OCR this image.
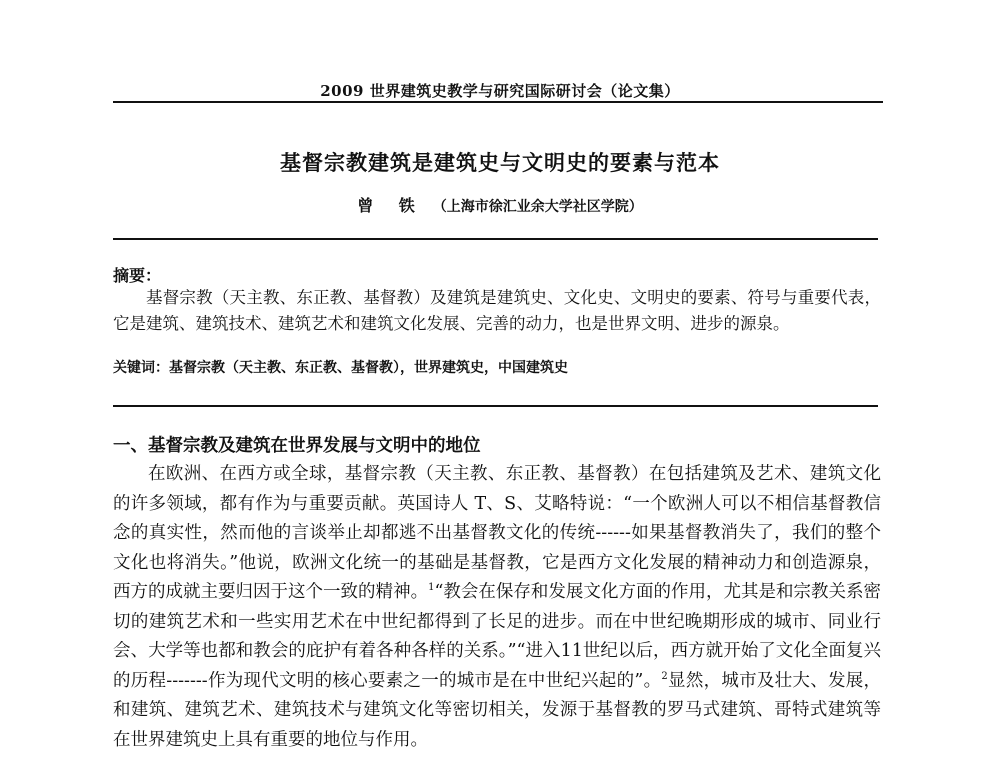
2009 世界建筑史教学与研究国际研讨会（论文集）
基督宗教建筑是建筑史与文明史的要素与范本
曾 铁 （上海市徐汇业余大学社区学院）
摘要：

基督宗教（天主教、东正教、基督教）及建筑是建筑史、文化史、文明史的要素、符号与重要代表，它是建筑、建筑技术、建筑艺术和建筑文化发展、完善的动力，也是世界文明、进步的源泉。

关键词：基督宗教（天主教、东正教、基督教），世界建筑史，中国建筑史

一、基督宗教及建筑在世界发展与文明中的地位

在欧洲、在西方或全球，基督宗教（天主教、东正教、基督教）在包括建筑及艺术、建筑文化的许多领域，都有作为与重要贡献。英国诗人 T、S、艾略特说：“一个欧洲人可以不相信基督教信念的真实性，然而他的言谈举止却都逃不出基督教文化的传统------如果基督教消失了，我们的整个文化也将消失。”他说，欧洲文化统一的基础是基督教，它是西方文化发展的精神动力和创造源泉，西方的成就主要归因于这个一致的精神。$^1$“教会在保存和发展文化方面的作用，尤其是和宗教关系密切的建筑艺术和一些实用艺术在中世纪都得到了长足的进步。而在中世纪晚期形成的城市、同业行会、大学等也都和教会的庇护有着各种各样的关系。”“进入11世纪以后，西方就开始了文化全面复兴的历程-------作为现代文明的核心要素之一的城市是在中世纪兴起的”。$^2$显然，城市及壮大、发展，和建筑、建筑艺术、建筑技术与建筑文化等密切相关，发源于基督教的罗马式建筑、哥特式建筑等在世界建筑史上具有重要的地位与作用。
